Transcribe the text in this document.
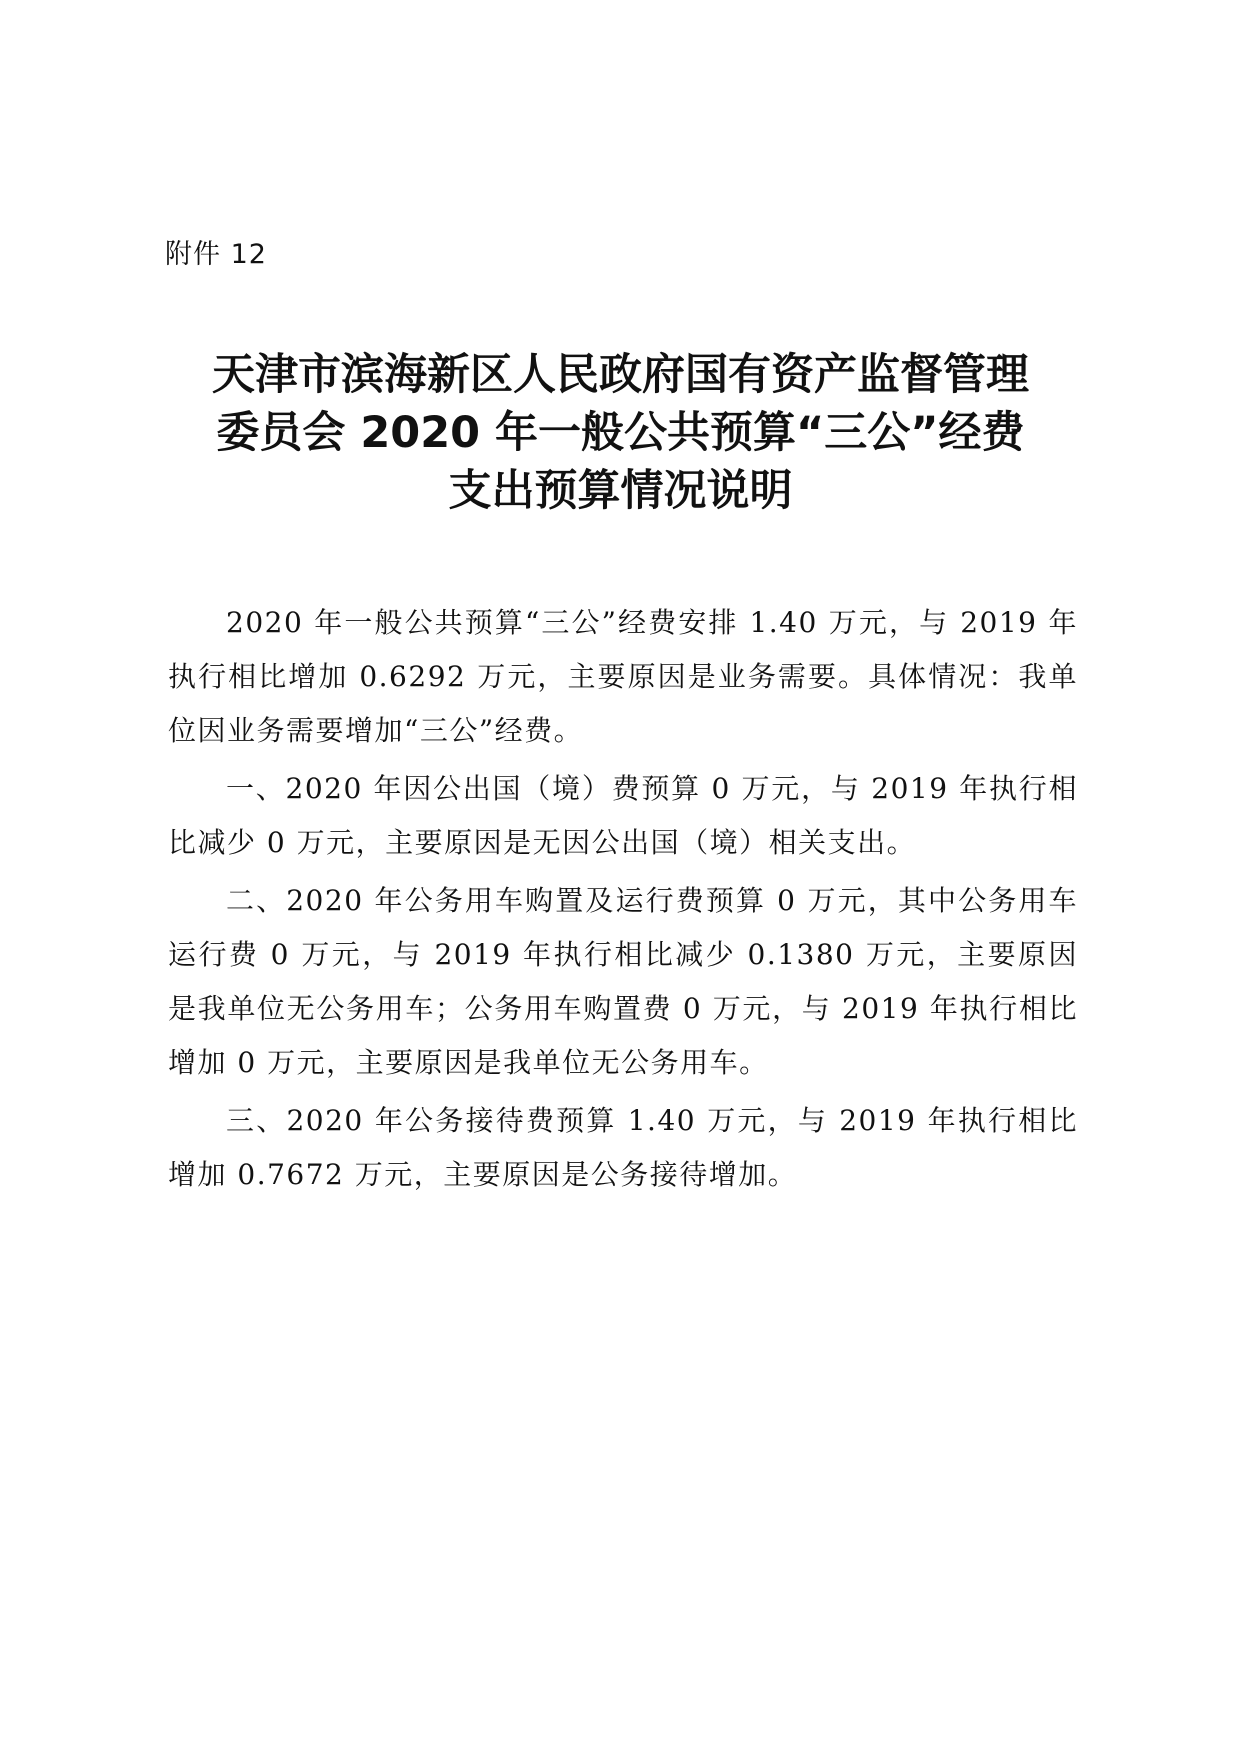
附件 12
天津市滨海新区人民政府国有资产监督管理
委员会 2020 年一般公共预算“三公”经费
支出预算情况说明

2020 年一般公共预算“三公”经费安排 1.40 万元，与 2019 年执行相比增加 0.6292 万元，主要原因是业务需要。具体情况：我单位因业务需要增加“三公”经费。

一、2020 年因公出国（境）费预算 0 万元，与 2019 年执行相比减少 0 万元，主要原因是无因公出国（境）相关支出。

二、2020 年公务用车购置及运行费预算 0 万元，其中公务用车运行费 0 万元，与 2019 年执行相比减少 0.1380 万元，主要原因是我单位无公务用车；公务用车购置费 0 万元，与 2019 年执行相比增加 0 万元，主要原因是我单位无公务用车。

三、2020 年公务接待费预算 1.40 万元，与 2019 年执行相比增加 0.7672 万元，主要原因是公务接待增加。
